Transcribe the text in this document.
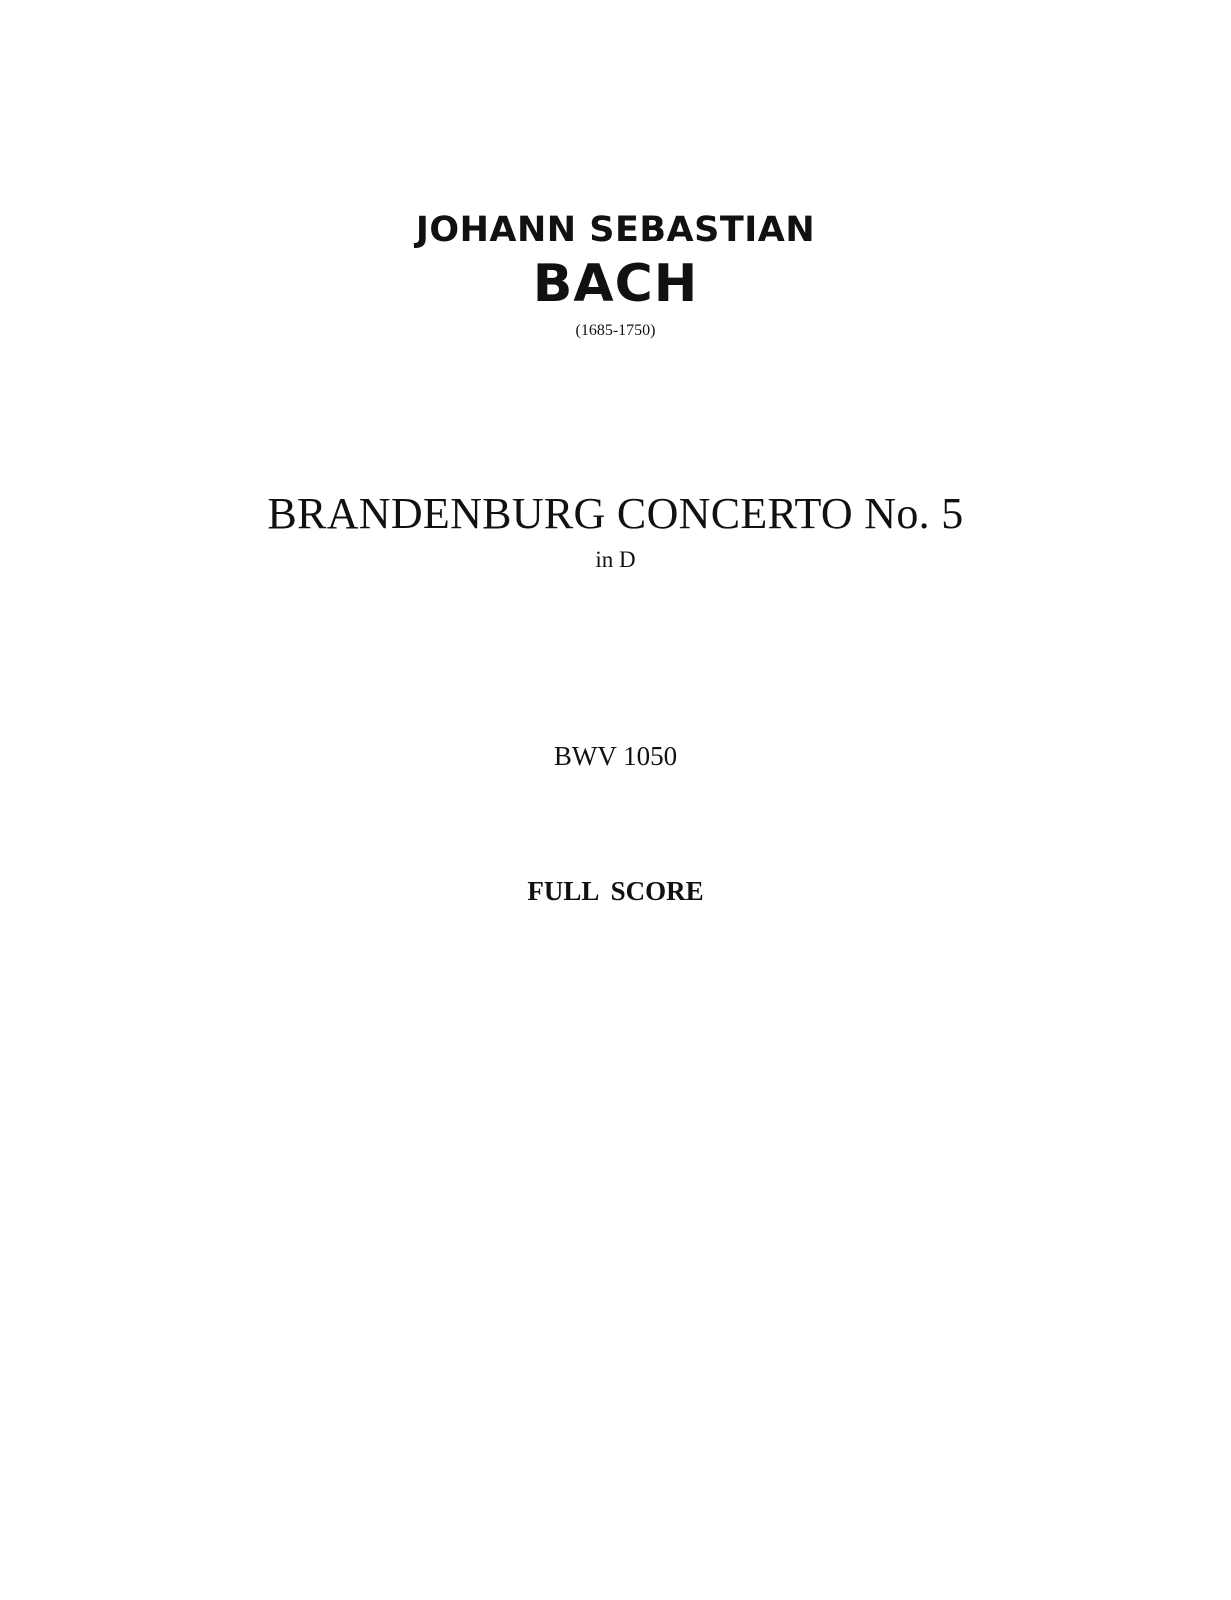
JOHANN SEBASTIAN

BACH

(1685-1750)

BRANDENBURG CONCERTO No. 5

in D

BWV 1050

FULL SCORE
